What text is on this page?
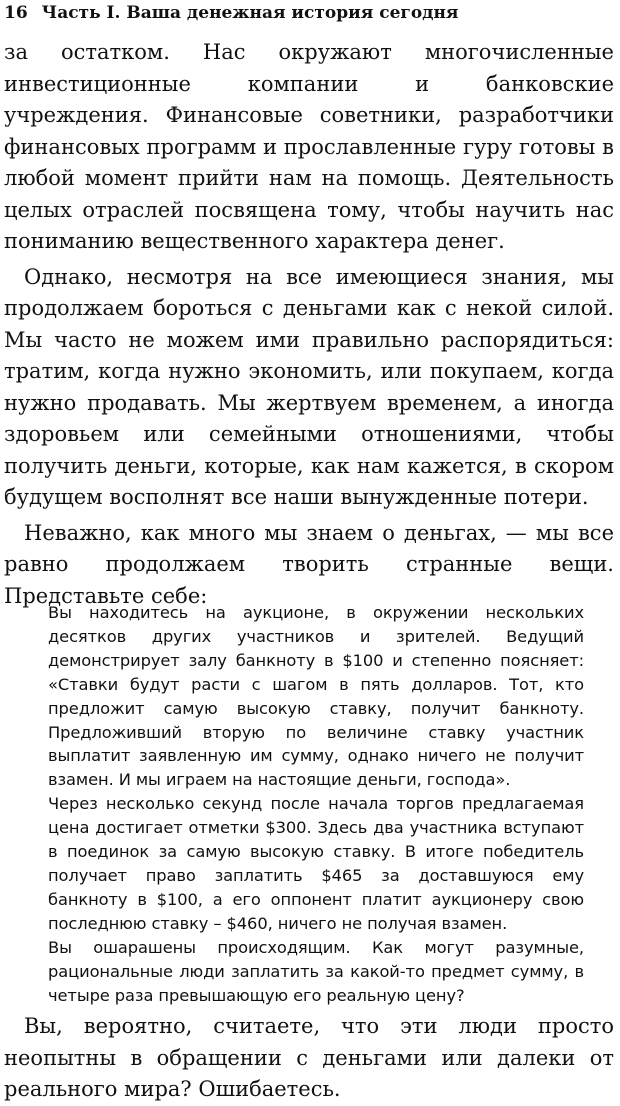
16 Часть I. Ваша денежная история сегодня

за остатком. Нас окружают многочисленные инвестиционные компании и банковские учреждения. Финансовые советники, разработчики финансовых программ и прославленные гуру готовы в любой момент прийти нам на помощь. Деятельность целых отраслей посвящена тому, чтобы научить нас пониманию вещественного характера денег.

Однако, несмотря на все имеющиеся знания, мы продолжаем бороться с деньгами как с некой силой. Мы часто не можем ими правильно распорядиться: тратим, когда нужно экономить, или покупаем, когда нужно продавать. Мы жертвуем временем, а иногда здоровьем или семейными отношениями, чтобы получить деньги, которые, как нам кажется, в скором будущем восполнят все наши вынужденные потери.

Неважно, как много мы знаем о деньгах, — мы все равно продолжаем творить странные вещи. Представьте себе:

Вы находитесь на аукционе, в окружении нескольких десятков других участников и зрителей. Ведущий демонстрирует залу банкноту в $100 и степенно поясняет: «Ставки будут расти с шагом в пять долларов. Тот, кто предложит самую высокую ставку, получит банкноту. Предложивший вторую по величине ставку участник выплатит заявленную им сумму, однако ничего не получит взамен. И мы играем на настоящие деньги, господа».

Через несколько секунд после начала торгов предлагаемая цена достигает отметки $300. Здесь два участника вступают в поединок за самую высокую ставку. В итоге победитель получает право заплатить $465 за доставшуюся ему банкноту в $100, а его оппонент платит аукционеру свою последнюю ставку – $460, ничего не получая взамен.

Вы ошарашены происходящим. Как могут разумные, рациональные люди заплатить за какой-то предмет сумму, в четыре раза превышающую его реальную цену?

Вы, вероятно, считаете, что эти люди просто неопытны в обращении с деньгами или далеки от реального мира? Ошибаетесь.
